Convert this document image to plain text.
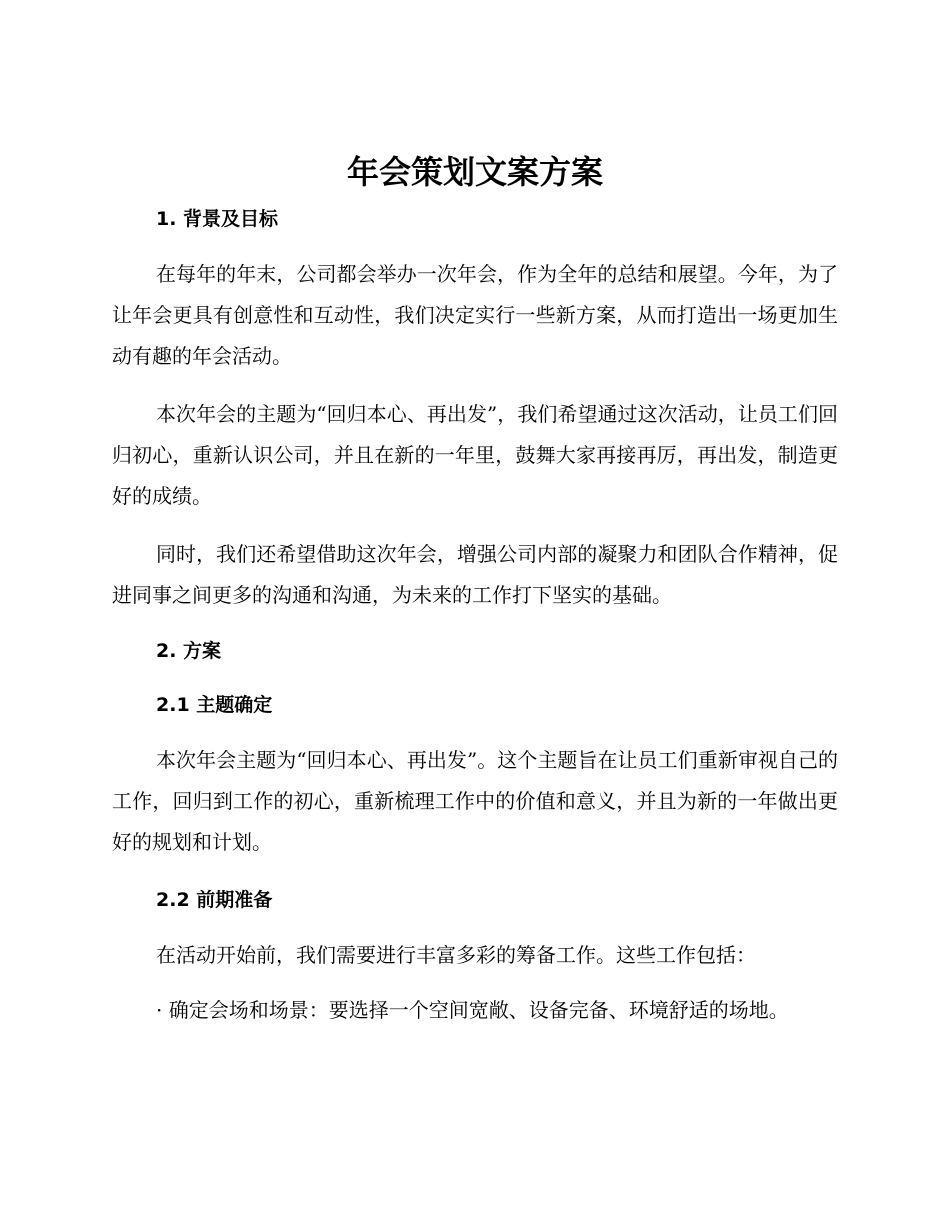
年会策划文案方案
1. 背景及目标

在每年的年末，公司都会举办一次年会，作为全年的总结和展望。今年，为了让年会更具有创意性和互动性，我们决定实行一些新方案，从而打造出一场更加生动有趣的年会活动。

本次年会的主题为“回归本心、再出发”，我们希望通过这次活动，让员工们回归初心，重新认识公司，并且在新的一年里，鼓舞大家再接再厉，再出发，制造更好的成绩。

同时，我们还希望借助这次年会，增强公司内部的凝聚力和团队合作精神，促进同事之间更多的沟通和沟通，为未来的工作打下坚实的基础。

2. 方案
2.1 主题确定

本次年会主题为“回归本心、再出发”。这个主题旨在让员工们重新审视自己的工作，回归到工作的初心，重新梳理工作中的价值和意义，并且为新的一年做出更好的规划和计划。

2.2 前期准备

在活动开始前，我们需要进行丰富多彩的筹备工作。这些工作包括：

· 确定会场和场景：要选择一个空间宽敞、设备完备、环境舒适的场地。
